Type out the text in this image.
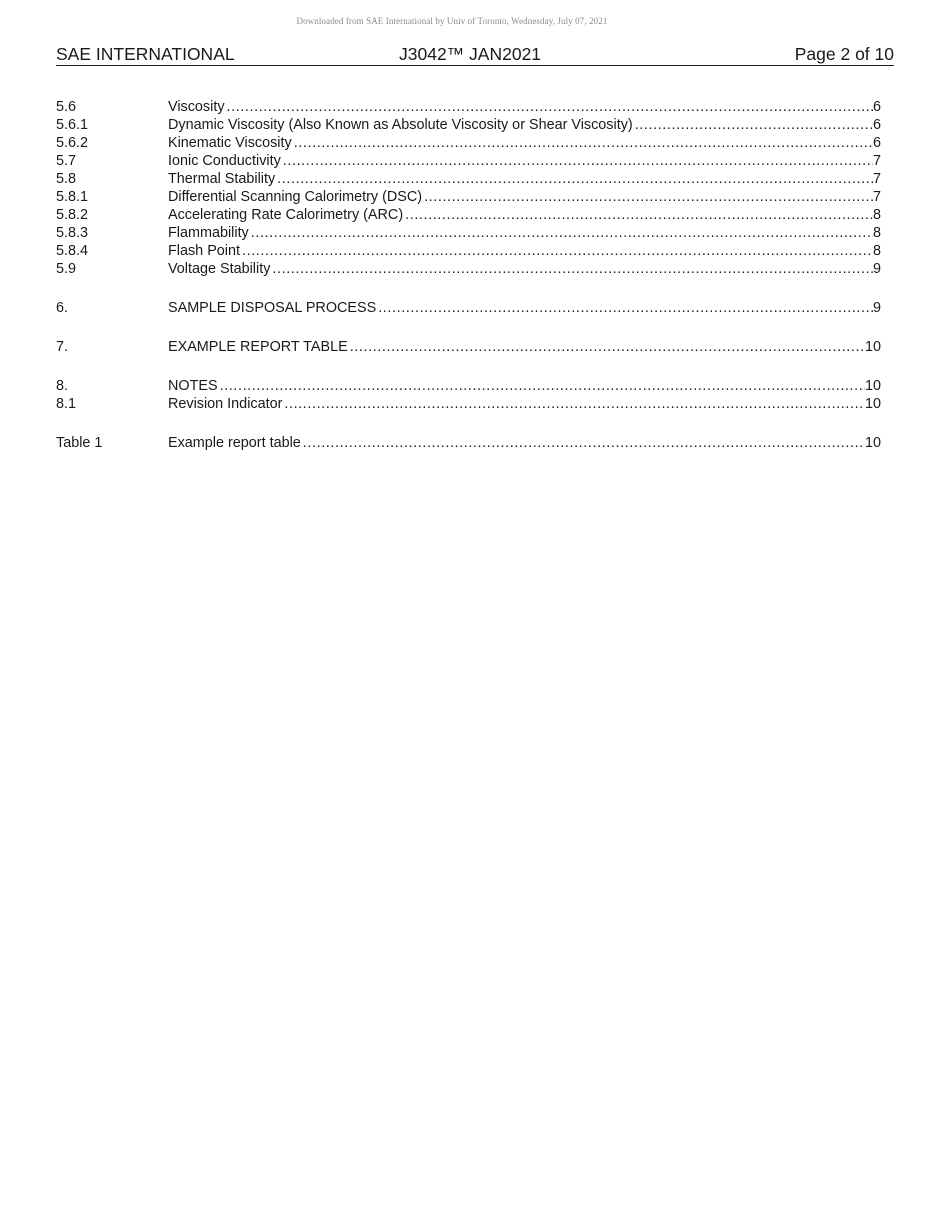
Downloaded from SAE International by Univ of Toronto, Wednesday, July 07, 2021
SAE INTERNATIONAL	J3042™ JAN2021	Page 2 of 10
5.6	Viscosity .....	6
5.6.1	Dynamic Viscosity (Also Known as Absolute Viscosity or Shear Viscosity) .....	6
5.6.2	Kinematic Viscosity .....	6
5.7	Ionic Conductivity .....	7
5.8	Thermal Stability .....	7
5.8.1	Differential Scanning Calorimetry (DSC) .....	7
5.8.2	Accelerating Rate Calorimetry (ARC) .....	8
5.8.3	Flammability .....	8
5.8.4	Flash Point .....	8
5.9	Voltage Stability .....	9
6.	SAMPLE DISPOSAL PROCESS .....	9
7.	EXAMPLE REPORT TABLE .....	10
8.	NOTES .....	10
8.1	Revision Indicator .....	10
Table 1	Example report table .....	10
